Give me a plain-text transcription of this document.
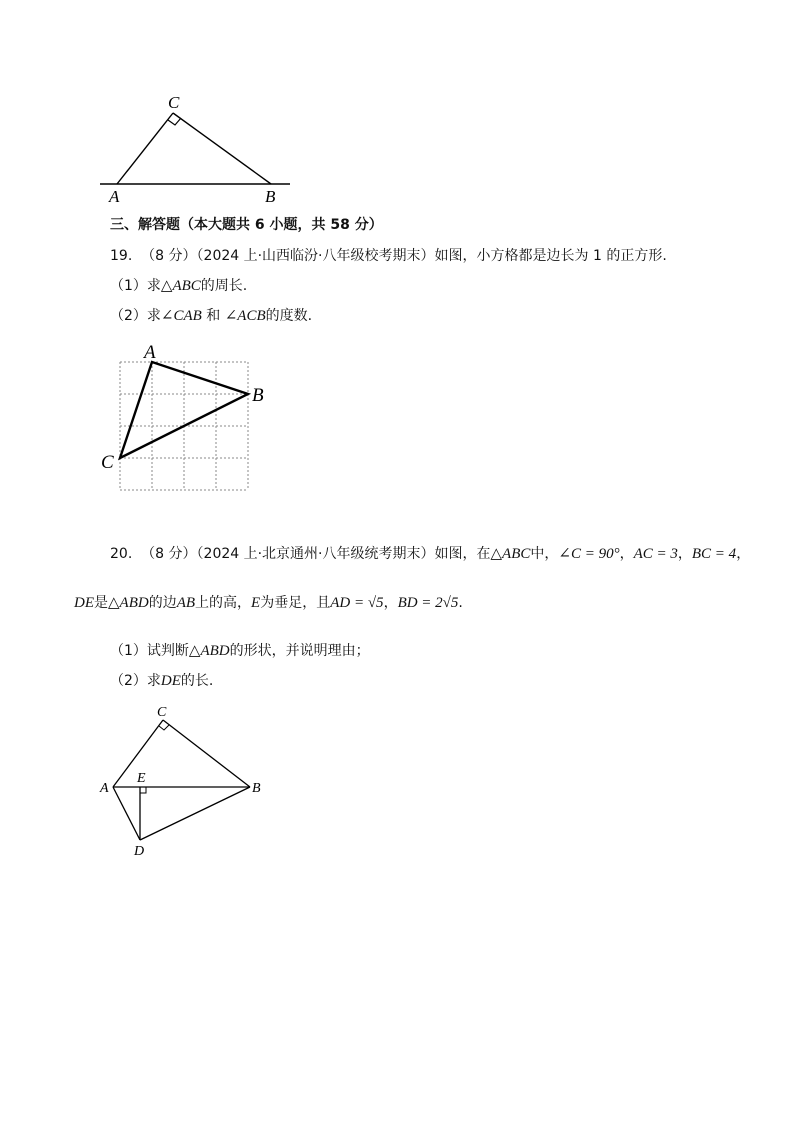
C
A	B
三、解答题（本大题共 6 小题，共 58 分）
19. （8 分）（2024 上·山西临汾·八年级校考期末）如图，小方格都是边长为 1 的正方形.
（1）求△ABC的周长.
（2）求∠CAB 和 ∠ACB的度数.
A
B
C
20. （8 分）（2024 上·北京通州·八年级统考期末）如图，在△ABC中，∠C = 90°，AC = 3，BC = 4，
DE是△ABD的边AB上的高，E为垂足，且AD = √5，BD = 2√5.
（1）试判断△ABD的形状，并说明理由；
（2）求DE的长.
C
E
A	B
D
